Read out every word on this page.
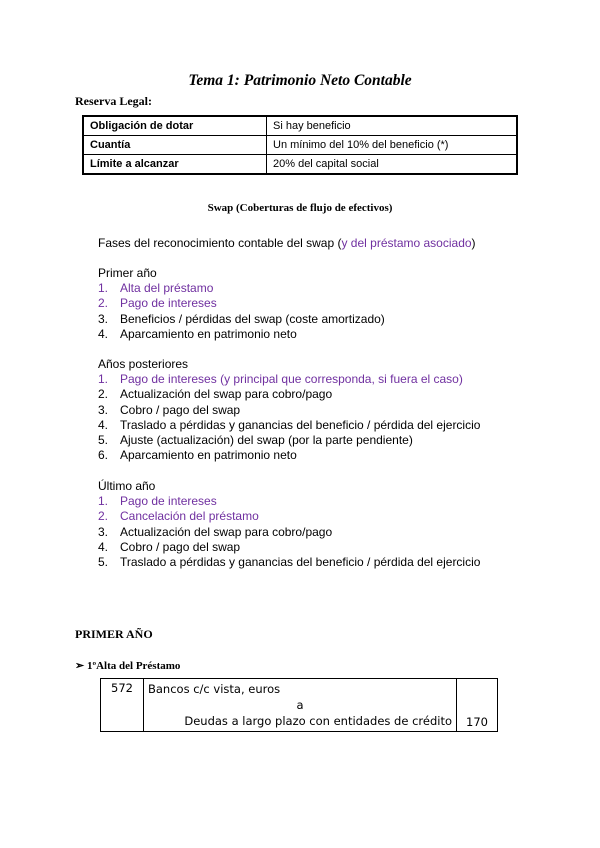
Tema 1: Patrimonio Neto Contable
Reserva Legal:
Obligación de dotar	Si hay beneficio
Cuantía	Un mínimo del 10% del beneficio (*)
Límite a alcanzar	20% del capital social
Swap (Coberturas de flujo de efectivos)
Fases del reconocimiento contable del swap (y del préstamo asociado)
Primer año
1. Alta del préstamo
2. Pago de intereses
3. Beneficios / pérdidas del swap (coste amortizado)
4. Aparcamiento en patrimonio neto
Años posteriores
1. Pago de intereses (y principal que corresponda, si fuera el caso)
2. Actualización del swap para cobro/pago
3. Cobro / pago del swap
4. Traslado a pérdidas y ganancias del beneficio / pérdida del ejercicio
5. Ajuste (actualización) del swap (por la parte pendiente)
6. Aparcamiento en patrimonio neto
Último año
1. Pago de intereses
2. Cancelación del préstamo
3. Actualización del swap para cobro/pago
4. Cobro / pago del swap
5. Traslado a pérdidas y ganancias del beneficio / pérdida del ejercicio
PRIMER AÑO
➢ 1ºAlta del Préstamo
572	Bancos c/c vista, euros
a
Deudas a largo plazo con entidades de crédito	170
